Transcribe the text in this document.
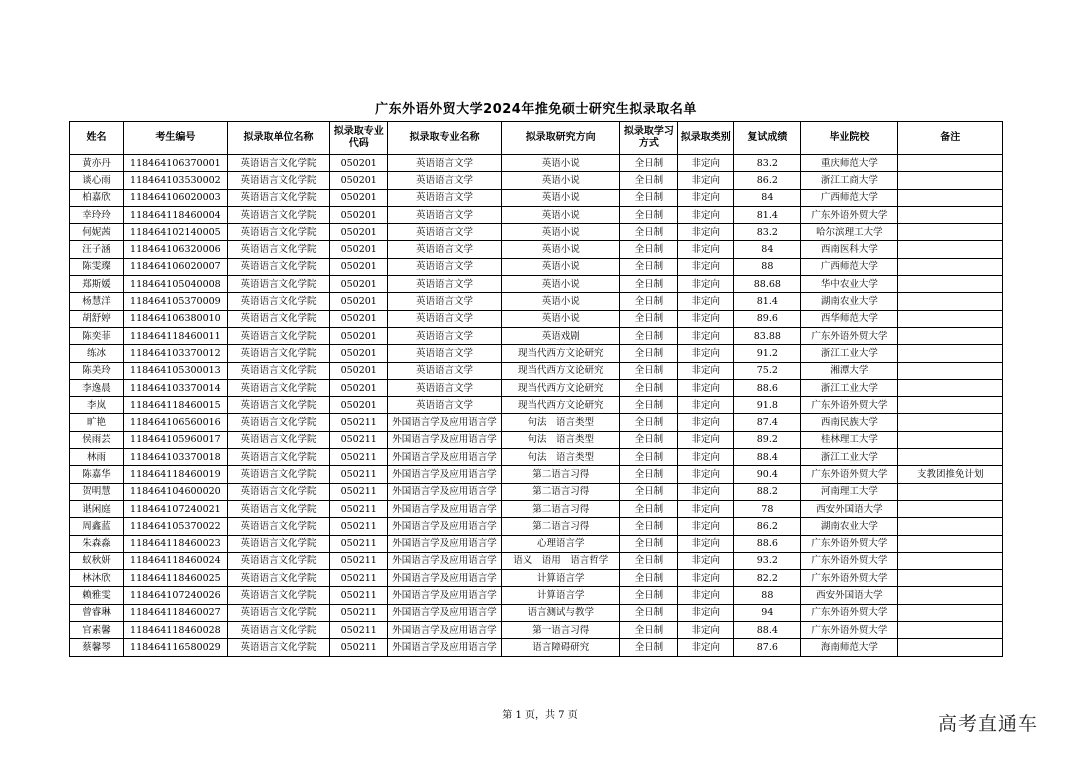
广东外语外贸大学2024年推免硕士研究生拟录取名单
姓名	考生编号	拟录取单位名称	拟录取专业代码	拟录取专业名称	拟录取研究方向	拟录取学习方式	拟录取类别	复试成绩	毕业院校	备注
黄亦丹	118464106370001	英语语言文化学院	050201	英语语言文学	英语小说	全日制	非定向	83.2	重庆师范大学	
谈心雨	118464103530002	英语语言文化学院	050201	英语语言文学	英语小说	全日制	非定向	86.2	浙江工商大学	
柏嘉欣	118464106020003	英语语言文化学院	050201	英语语言文学	英语小说	全日制	非定向	84	广西师范大学	
幸玲玲	118464118460004	英语语言文化学院	050201	英语语言文学	英语小说	全日制	非定向	81.4	广东外语外贸大学	
何妮茜	118464102140005	英语语言文化学院	050201	英语语言文学	英语小说	全日制	非定向	83.2	哈尔滨理工大学	
汪子涵	118464106320006	英语语言文化学院	050201	英语语言文学	英语小说	全日制	非定向	84	西南医科大学	
陈雯璨	118464106020007	英语语言文化学院	050201	英语语言文学	英语小说	全日制	非定向	88	广西师范大学	
郑斯媛	118464105040008	英语语言文化学院	050201	英语语言文学	英语小说	全日制	非定向	88.68	华中农业大学	
杨慧洋	118464105370009	英语语言文化学院	050201	英语语言文学	英语小说	全日制	非定向	81.4	湖南农业大学	
胡舒婷	118464106380010	英语语言文化学院	050201	英语语言文学	英语小说	全日制	非定向	89.6	西华师范大学	
陈奕菲	118464118460011	英语语言文化学院	050201	英语语言文学	英语戏剧	全日制	非定向	83.88	广东外语外贸大学	
练冰	118464103370012	英语语言文化学院	050201	英语语言文学	现当代西方文论研究	全日制	非定向	91.2	浙江工业大学	
陈美玲	118464105300013	英语语言文化学院	050201	英语语言文学	现当代西方文论研究	全日制	非定向	75.2	湘潭大学	
李逸晨	118464103370014	英语语言文化学院	050201	英语语言文学	现当代西方文论研究	全日制	非定向	88.6	浙江工业大学	
李岚	118464118460015	英语语言文化学院	050201	英语语言文学	现当代西方文论研究	全日制	非定向	91.8	广东外语外贸大学	
旷艳	118464106560016	英语语言文化学院	050211	外国语言学及应用语言学	句法　语言类型	全日制	非定向	87.4	西南民族大学	
侯雨芸	118464105960017	英语语言文化学院	050211	外国语言学及应用语言学	句法　语言类型	全日制	非定向	89.2	桂林理工大学	
林雨	118464103370018	英语语言文化学院	050211	外国语言学及应用语言学	句法　语言类型	全日制	非定向	88.4	浙江工业大学	
陈嘉华	118464118460019	英语语言文化学院	050211	外国语言学及应用语言学	第二语言习得	全日制	非定向	90.4	广东外语外贸大学	支教团推免计划
贺明慧	118464104600020	英语语言文化学院	050211	外国语言学及应用语言学	第二语言习得	全日制	非定向	88.2	河南理工大学	
谌闲庭	118464107240021	英语语言文化学院	050211	外国语言学及应用语言学	第二语言习得	全日制	非定向	78	西安外国语大学	
周鑫蓝	118464105370022	英语语言文化学院	050211	外国语言学及应用语言学	第二语言习得	全日制	非定向	86.2	湖南农业大学	
朱森淼	118464118460023	英语语言文化学院	050211	外国语言学及应用语言学	心理语言学	全日制	非定向	88.6	广东外语外贸大学	
蚁秋妍	118464118460024	英语语言文化学院	050211	外国语言学及应用语言学	语义　语用　语言哲学	全日制	非定向	93.2	广东外语外贸大学	
林沐欣	118464118460025	英语语言文化学院	050211	外国语言学及应用语言学	计算语言学	全日制	非定向	82.2	广东外语外贸大学	
赖雅雯	118464107240026	英语语言文化学院	050211	外国语言学及应用语言学	计算语言学	全日制	非定向	88	西安外国语大学	
曾睿琳	118464118460027	英语语言文化学院	050211	外国语言学及应用语言学	语言测试与教学	全日制	非定向	94	广东外语外贸大学	
官素馨	118464118460028	英语语言文化学院	050211	外国语言学及应用语言学	第一语言习得	全日制	非定向	88.4	广东外语外贸大学	
蔡馨琴	118464116580029	英语语言文化学院	050211	外国语言学及应用语言学	语言障碍研究	全日制	非定向	87.6	海南师范大学	
第 1 页，共 7 页	高考直通车
